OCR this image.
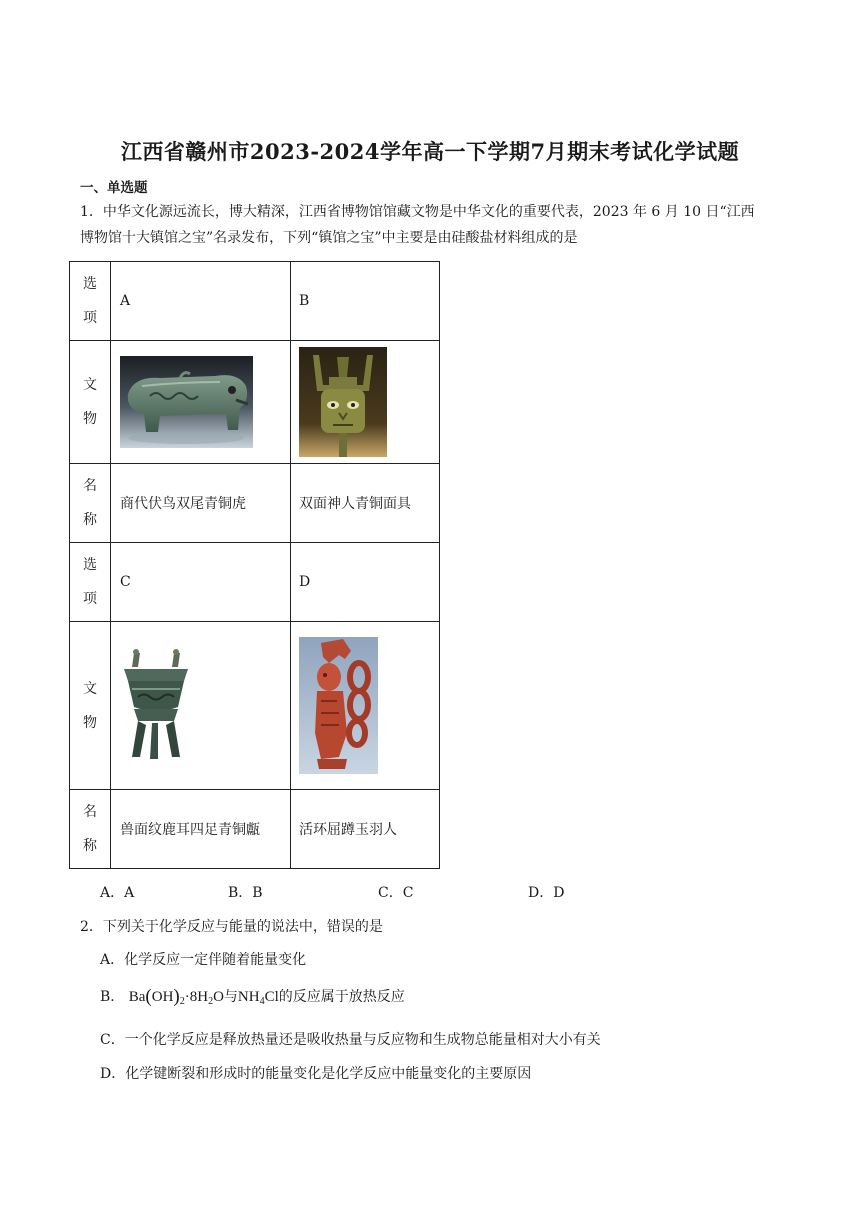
江西省赣州市2023-2024学年高一下学期7月期末考试化学试题
一、单选题
1．中华文化源远流长，博大精深，江西省博物馆馆藏文物是中华文化的重要代表，2023 年 6 月 10 日“江西
博物馆十大镇馆之宝”名录发布，下列“镇馆之宝”中主要是由硅酸盐材料组成的是
选
项	A	B

文
物

名
称	商代伏鸟双尾青铜虎	双面神人青铜面具

选
项	C	D

文
物

名
称	兽面纹鹿耳四足青铜甗	活环屈蹲玉羽人
A．A	B．B	C．C	D．D
2．下列关于化学反应与能量的说法中，错误的是
A．化学反应一定伴随着能量变化
B． $Ba(OH)_2\cdot 8H_2O$与$NH_4Cl$的反应属于放热反应
C．一个化学反应是释放热量还是吸收热量与反应物和生成物总能量相对大小有关
D．化学键断裂和形成时的能量变化是化学反应中能量变化的主要原因
